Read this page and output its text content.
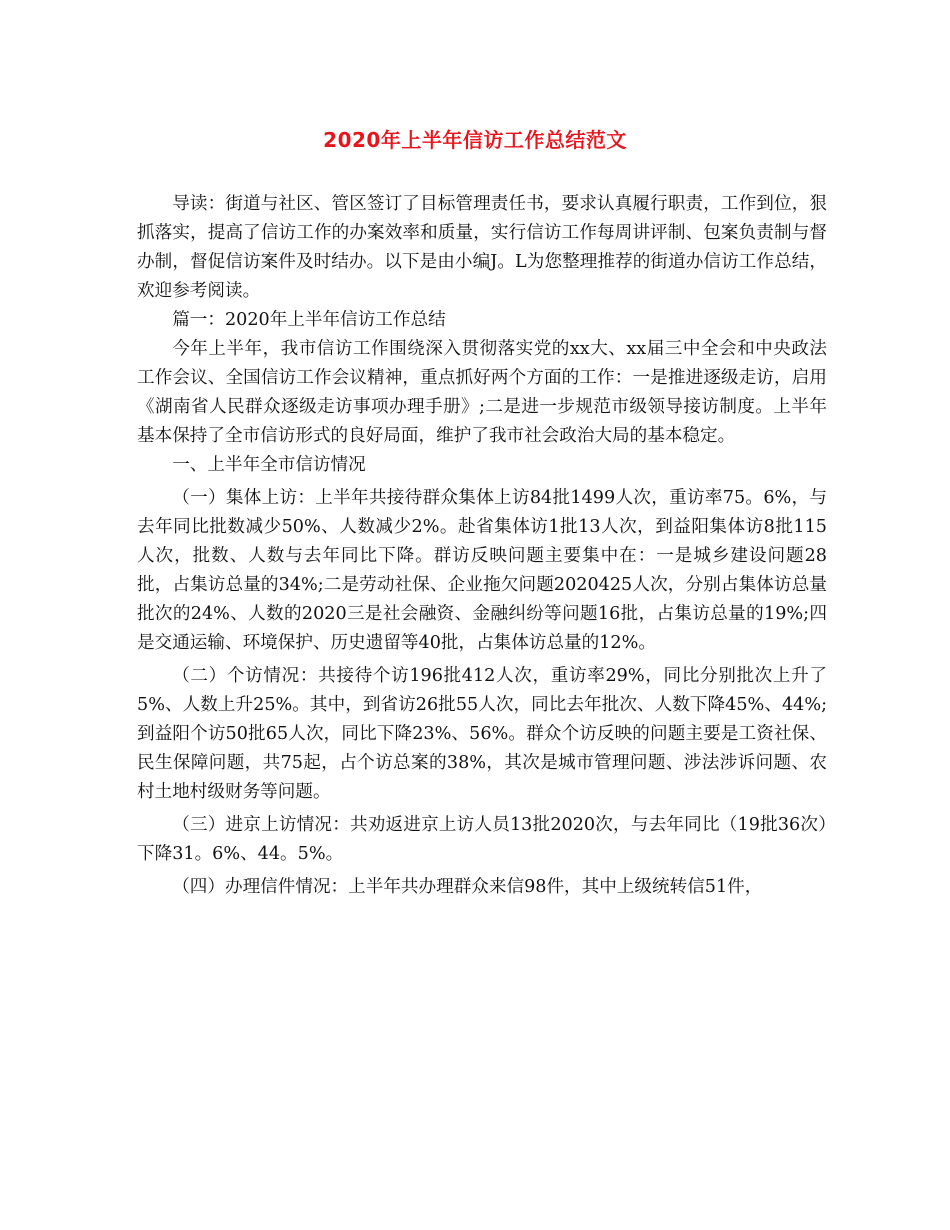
2020年上半年信访工作总结范文

导读：街道与社区、管区签订了目标管理责任书，要求认真履行职责，工作到位，狠抓落实，提高了信访工作的办案效率和质量，实行信访工作每周讲评制、包案负责制与督办制，督促信访案件及时结办。以下是由小编J。L为您整理推荐的街道办信访工作总结，欢迎参考阅读。

篇一：2020年上半年信访工作总结

今年上半年，我市信访工作围绕深入贯彻落实党的xx大、xx届三中全会和中央政法工作会议、全国信访工作会议精神，重点抓好两个方面的工作：一是推进逐级走访，启用《湖南省人民群众逐级走访事项办理手册》;二是进一步规范市级领导接访制度。上半年基本保持了全市信访形式的良好局面，维护了我市社会政治大局的基本稳定。

一、上半年全市信访情况

（一）集体上访：上半年共接待群众集体上访84批1499人次，重访率75。6%，与去年同比批数减少50%、人数减少2%。赴省集体访1批13人次，到益阳集体访8批115人次，批数、人数与去年同比下降。群访反映问题主要集中在：一是城乡建设问题28批，占集访总量的34%;二是劳动社保、企业拖欠问题2020425人次，分别占集体访总量批次的24%、人数的2020三是社会融资、金融纠纷等问题16批，占集访总量的19%;四是交通运输、环境保护、历史遗留等40批，占集体访总量的12%。

（二）个访情况：共接待个访196批412人次，重访率29%，同比分别批次上升了5%、人数上升25%。其中，到省访26批55人次，同比去年批次、人数下降45%、44%;到益阳个访50批65人次，同比下降23%、56%。群众个访反映的问题主要是工资社保、民生保障问题，共75起，占个访总案的38%，其次是城市管理问题、涉法涉诉问题、农村土地村级财务等问题。

（三）进京上访情况：共劝返进京上访人员13批2020次，与去年同比（19批36次）下降31。6%、44。5%。

（四）办理信件情况：上半年共办理群众来信98件，其中上级统转信51件，
